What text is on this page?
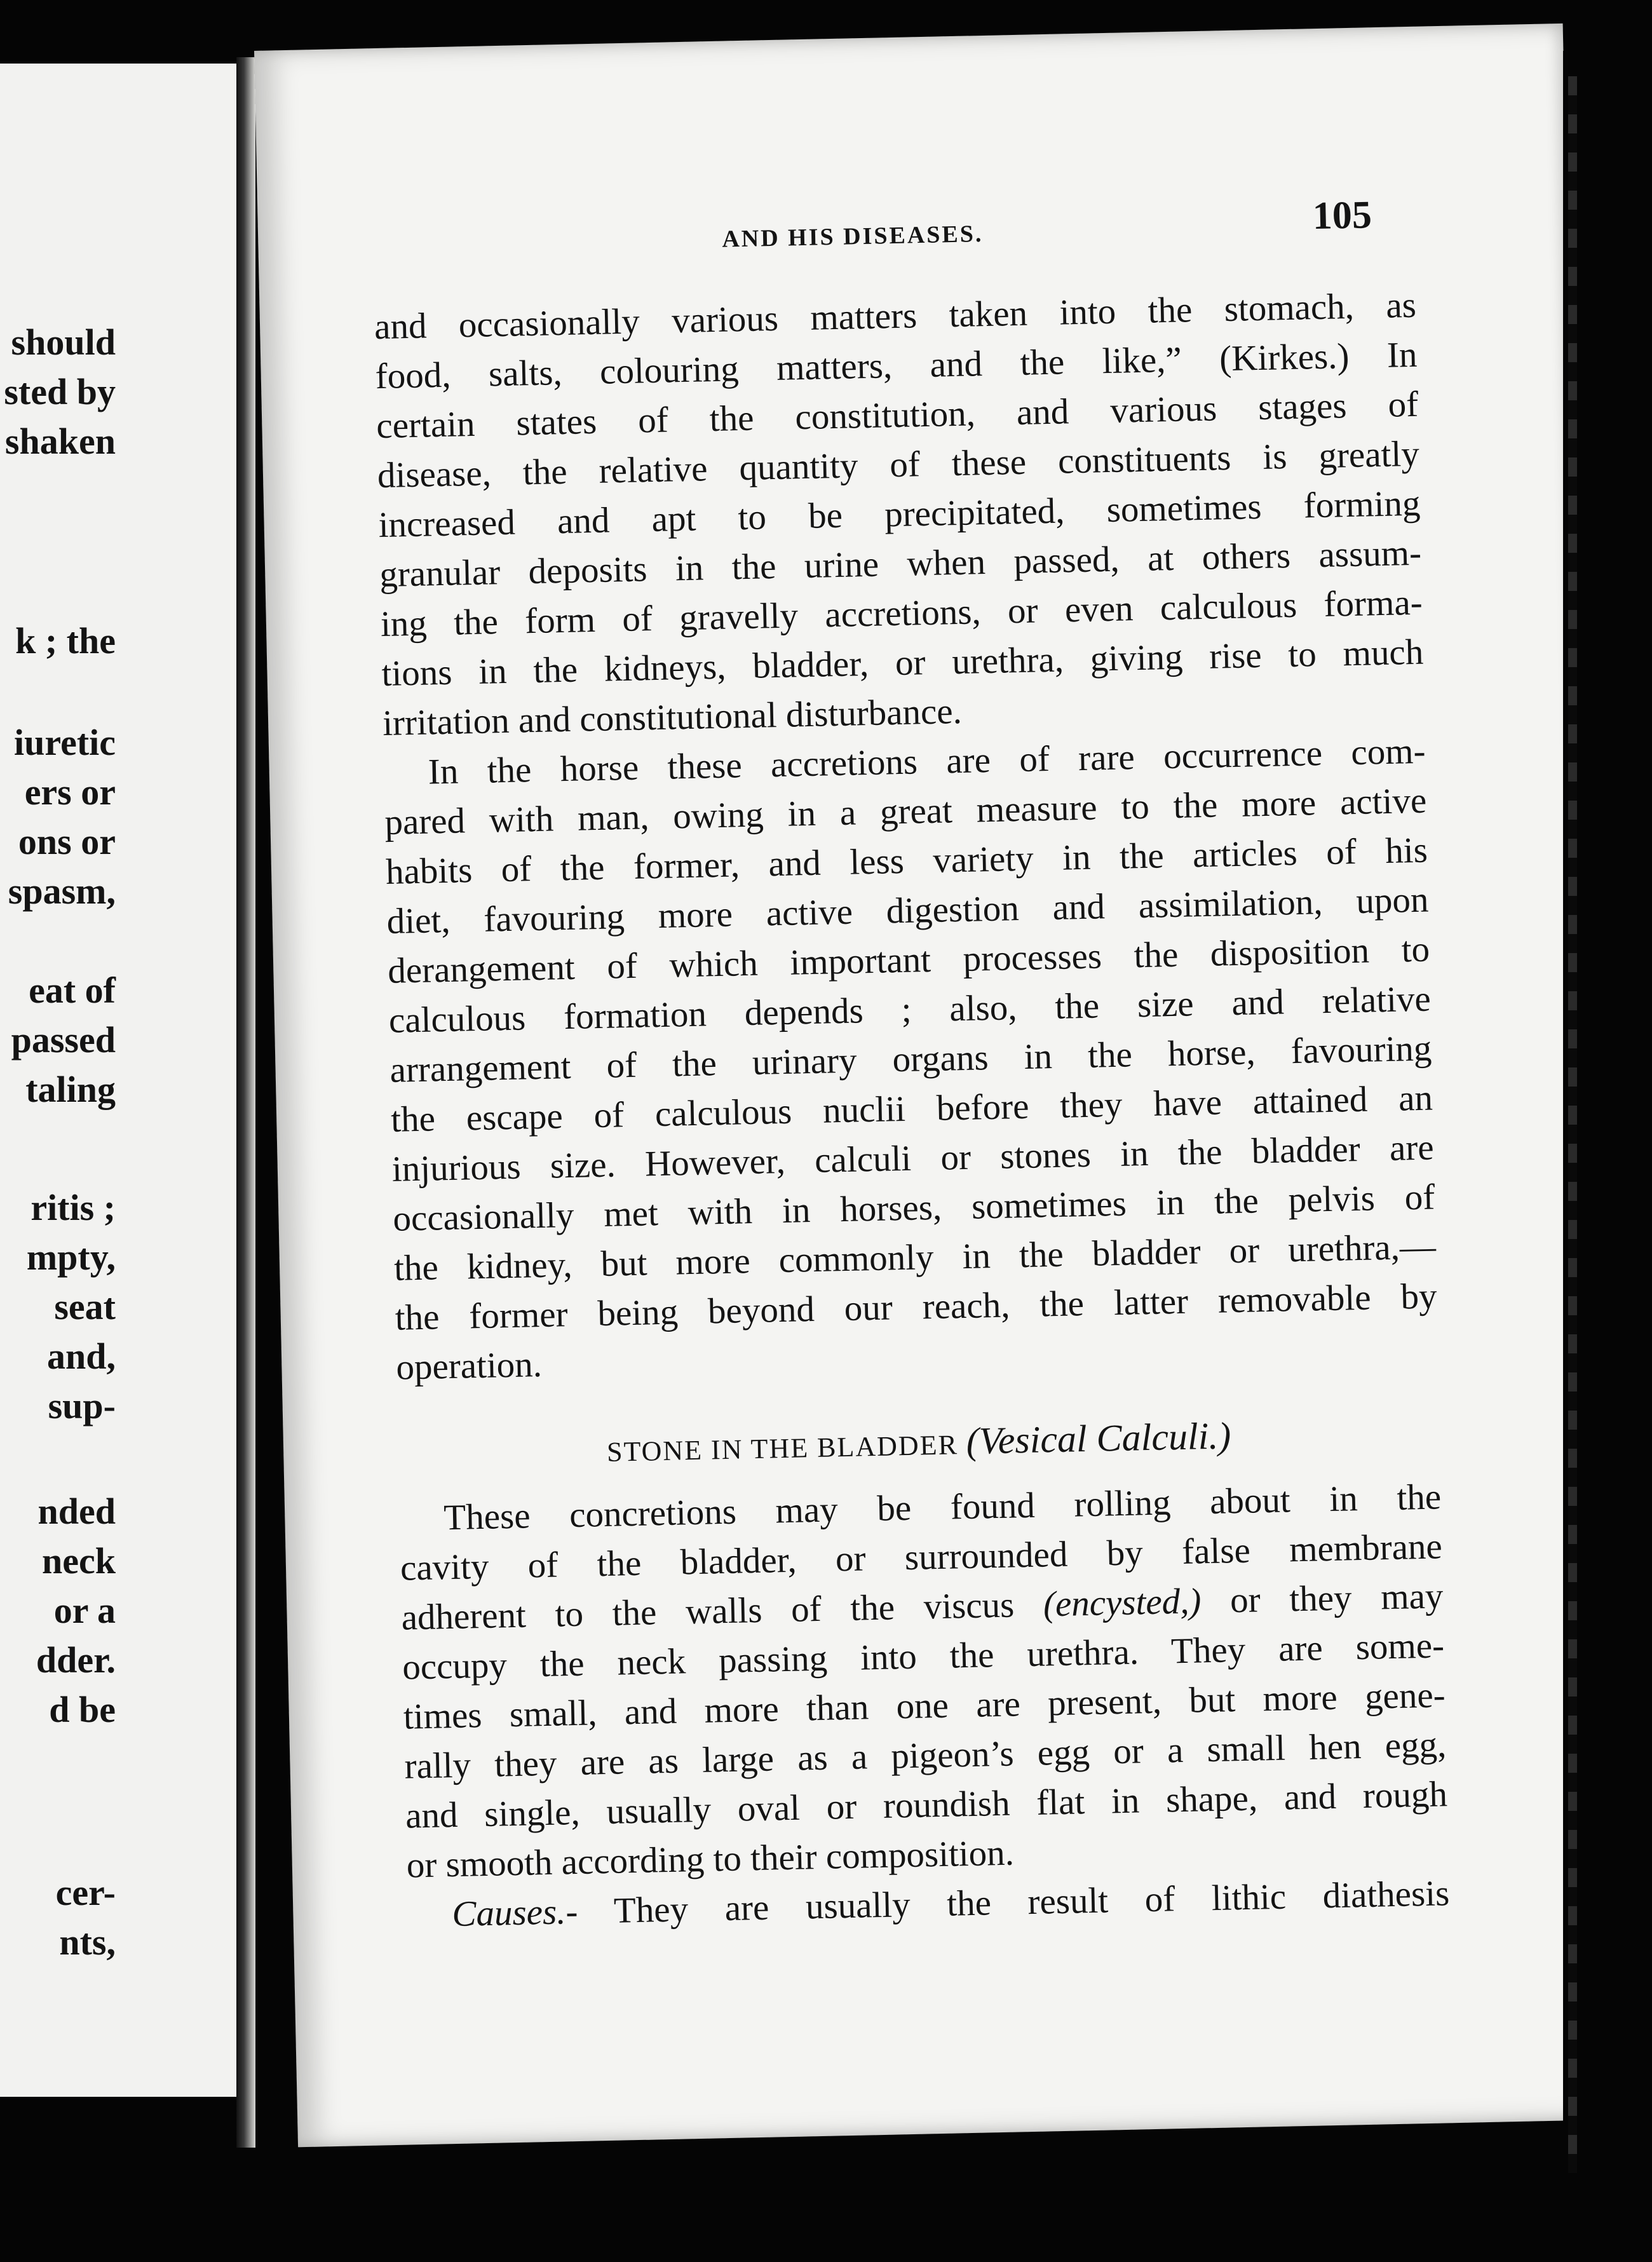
should
sted by
shaken
k ; the
iuretic
ers or
ons or
spasm,
eat of
passed
taling
ritis ;
mpty,
seat
and,
sup-
nded
neck
or a
dder.
d be
cer-
nts,
AND HIS DISEASES.	105
and occasionally various matters taken into the stomach, as
food, salts, colouring matters, and the like,” (Kirkes.) In
certain states of the constitution, and various stages of
disease, the relative quantity of these constituents is greatly
increased and apt to be precipitated, sometimes forming
granular deposits in the urine when passed, at others assum-
ing the form of gravelly accretions, or even calculous forma-
tions in the kidneys, bladder, or urethra, giving rise to much
irritation and constitutional disturbance.
In the horse these accretions are of rare occurrence com-
pared with man, owing in a great measure to the more active
habits of the former, and less variety in the articles of his
diet, favouring more active digestion and assimilation, upon
derangement of which important processes the disposition to
calculous formation depends ; also, the size and relative
arrangement of the urinary organs in the horse, favouring
the escape of calculous nuclii before they have attained an
injurious size. However, calculi or stones in the bladder are
occasionally met with in horses, sometimes in the pelvis of
the kidney, but more commonly in the bladder or urethra,—
the former being beyond our reach, the latter removable by
operation.
STONE IN THE BLADDER (Vesical Calculi.)
These concretions may be found rolling about in the
cavity of the bladder, or surrounded by false membrane
adherent to the walls of the viscus (encysted,) or they may
occupy the neck passing into the urethra. They are some-
times small, and more than one are present, but more gene-
rally they are as large as a pigeon’s egg or a small hen egg,
and single, usually oval or roundish flat in shape, and rough
or smooth according to their composition.
Causes.- They are usually the result of lithic diathesis
